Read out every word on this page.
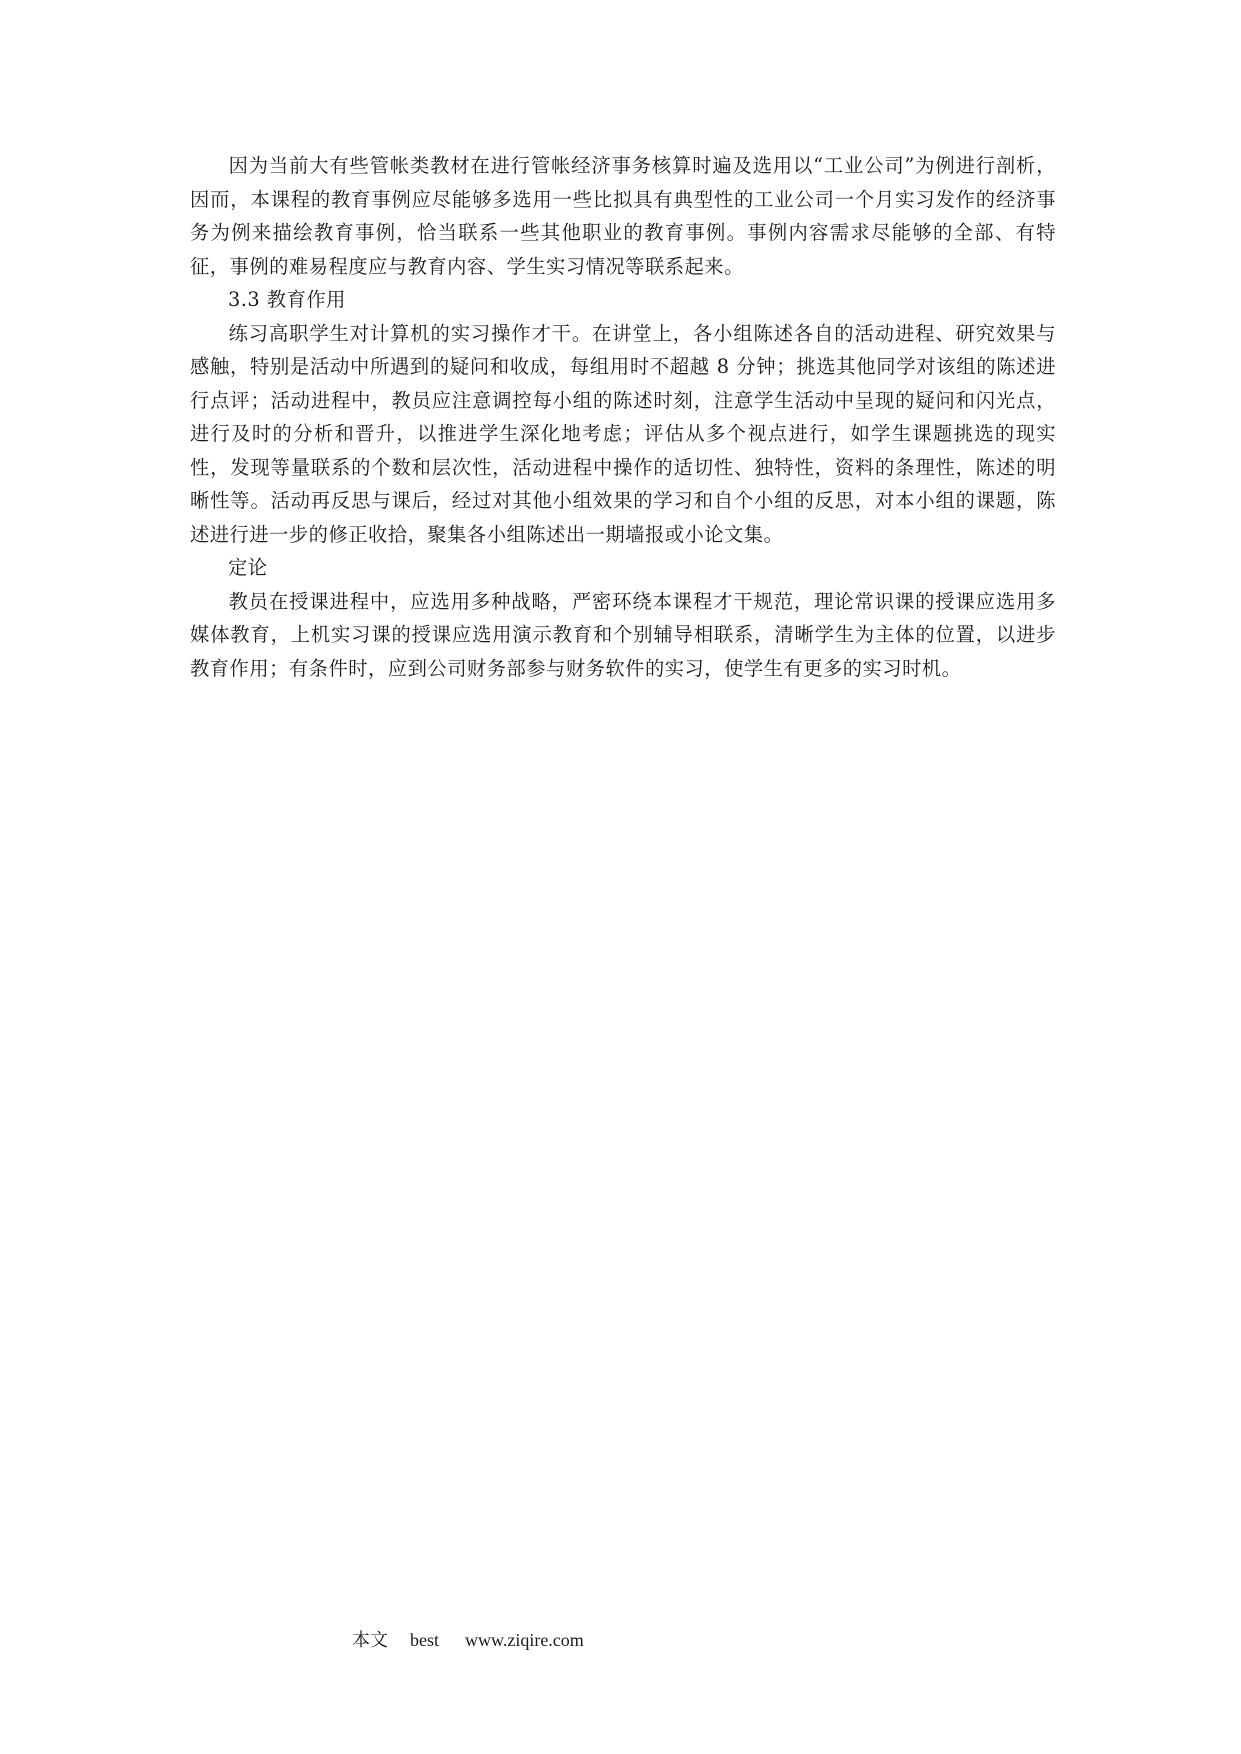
因为当前大有些管帐类教材在进行管帐经济事务核算时遍及选用以“工业公司”为例进行剖析，因而，本课程的教育事例应尽能够多选用一些比拟具有典型性的工业公司一个月实习发作的经济事务为例来描绘教育事例，恰当联系一些其他职业的教育事例。事例内容需求尽能够的全部、有特征，事例的难易程度应与教育内容、学生实习情况等联系起来。

3.3 教育作用

练习高职学生对计算机的实习操作才干。在讲堂上，各小组陈述各自的活动进程、研究效果与感触，特别是活动中所遇到的疑问和收成，每组用时不超越 8 分钟；挑选其他同学对该组的陈述进行点评；活动进程中，教员应注意调控每小组的陈述时刻，注意学生活动中呈现的疑问和闪光点，进行及时的分析和晋升，以推进学生深化地考虑；评估从多个视点进行，如学生课题挑选的现实性，发现等量联系的个数和层次性，活动进程中操作的适切性、独特性，资料的条理性，陈述的明晰性等。活动再反思与课后，经过对其他小组效果的学习和自个小组的反思，对本小组的课题，陈述进行进一步的修正收拾，聚集各小组陈述出一期墙报或小论文集。

定论

教员在授课进程中，应选用多种战略，严密环绕本课程才干规范，理论常识课的授课应选用多媒体教育，上机实习课的授课应选用演示教育和个别辅导相联系，清晰学生为主体的位置，以进步教育作用；有条件时，应到公司财务部参与财务软件的实习，使学生有更多的实习时机。

本文 best www.ziqire.com
